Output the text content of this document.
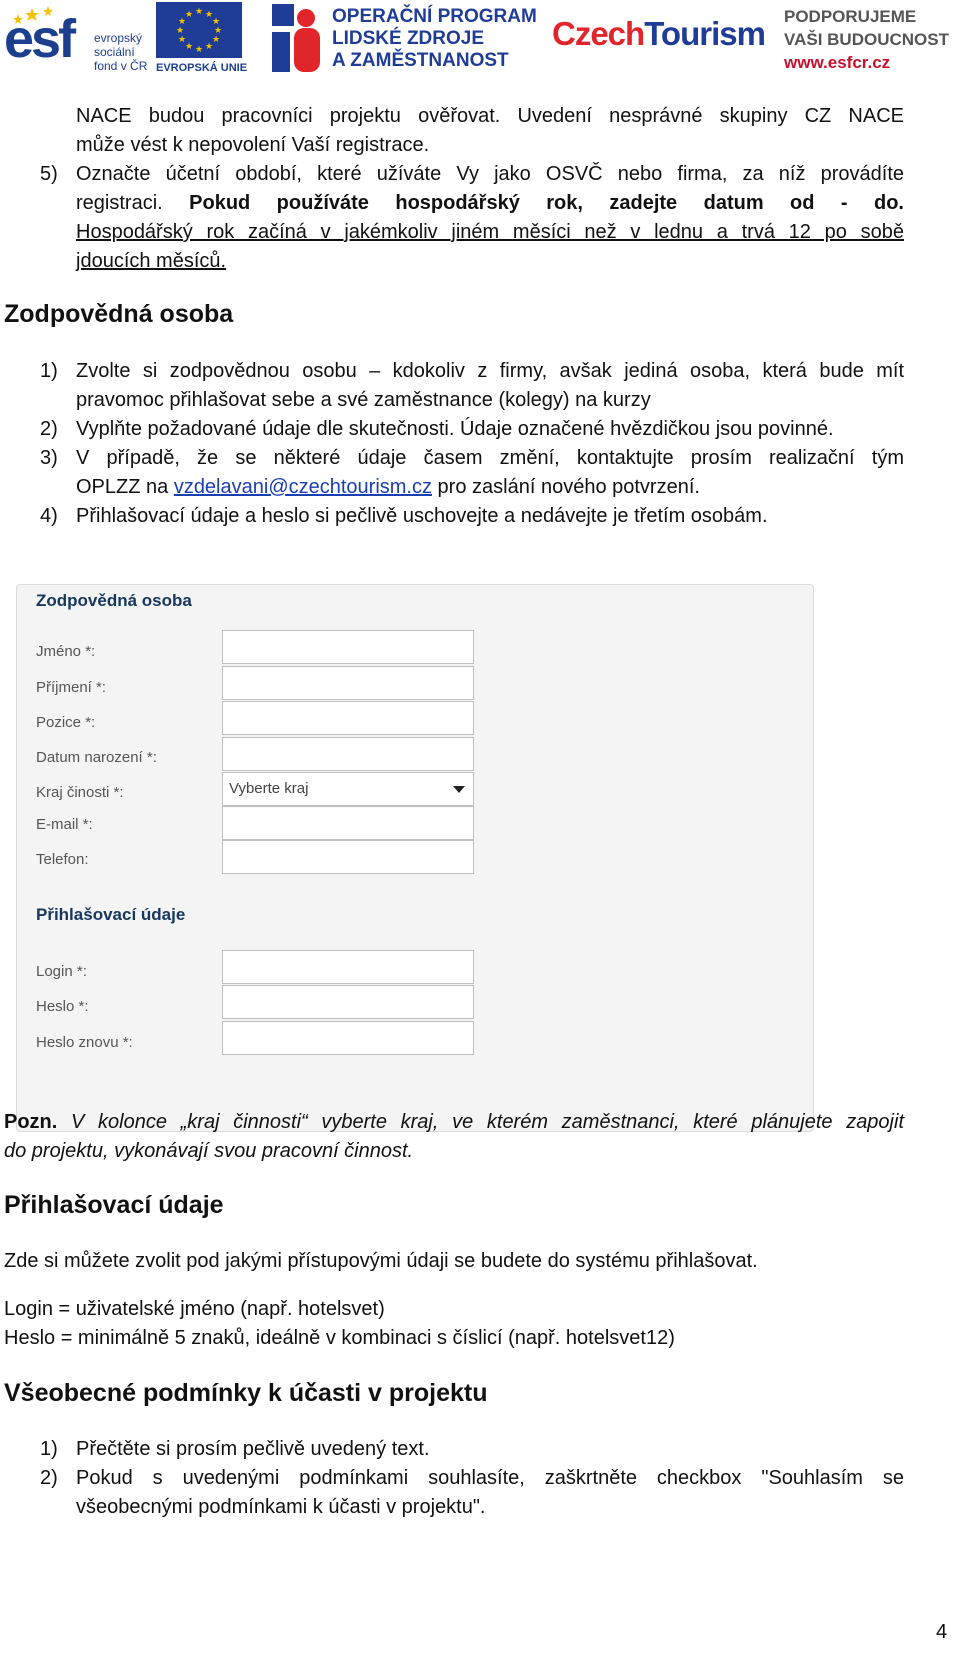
esf evropský
sociální
fond v ČR
★ ★
★
★
★
★
★
★
★
★
★
★
EVROPSKÁ UNIE
OPERAČNÍ PROGRAM
LIDSKÉ ZDROJE
A ZAMĚSTNANOST
CzechTourism PODPORUJEME
VAŠI BUDOUCNOST
www.esfcr.cz
NACE budou pracovníci projektu ověřovat. Uvedení nesprávné skupiny CZ NACE
může vést k nepovolení Vaší registrace.
5) Označte účetní období, které užíváte Vy jako OSVČ nebo firma, za níž provádíte
registraci. Pokud používáte hospodářský rok, zadejte datum od - do.
Hospodářský rok začíná v jakémkoliv jiném měsíci než v lednu a trvá 12 po sobě
jdoucích měsíců.
Zodpovědná osoba
1) Zvolte si zodpovědnou osobu – kdokoliv z firmy, avšak jediná osoba, která bude mít
pravomoc přihlašovat sebe a své zaměstnance (kolegy) na kurzy
2) Vyplňte požadované údaje dle skutečnosti. Údaje označené hvězdičkou jsou povinné.
3) V případě, že se některé údaje časem změní, kontaktujte prosím realizační tým
OPLZZ na vzdelavani@czechtourism.cz pro zaslání nového potvrzení.
4) Přihlašovací údaje a heslo si pečlivě uschovejte a nedávejte je třetím osobám.
Zodpovědná osoba
Jméno *:
Příjmení *:
Pozice *:
Datum narození *:
Kraj činosti *:	Vyberte kraj
E-mail *:
Telefon:
Přihlašovací údaje
Login *:
Heslo *:
Heslo znovu *:
Pozn. V kolonce „kraj činnosti“ vyberte kraj, ve kterém zaměstnanci, které plánujete zapojit
do projektu, vykonávají svou pracovní činnost.
Přihlašovací údaje
Zde si můžete zvolit pod jakými přístupovými údaji se budete do systému přihlašovat.
Login = uživatelské jméno (např. hotelsvet)
Heslo = minimálně 5 znaků, ideálně v kombinaci s číslicí (např. hotelsvet12)
Všeobecné podmínky k účasti v projektu
1) Přečtěte si prosím pečlivě uvedený text.
2) Pokud s uvedenými podmínkami souhlasíte, zaškrtněte checkbox "Souhlasím se
všeobecnými podmínkami k účasti v projektu".
4
